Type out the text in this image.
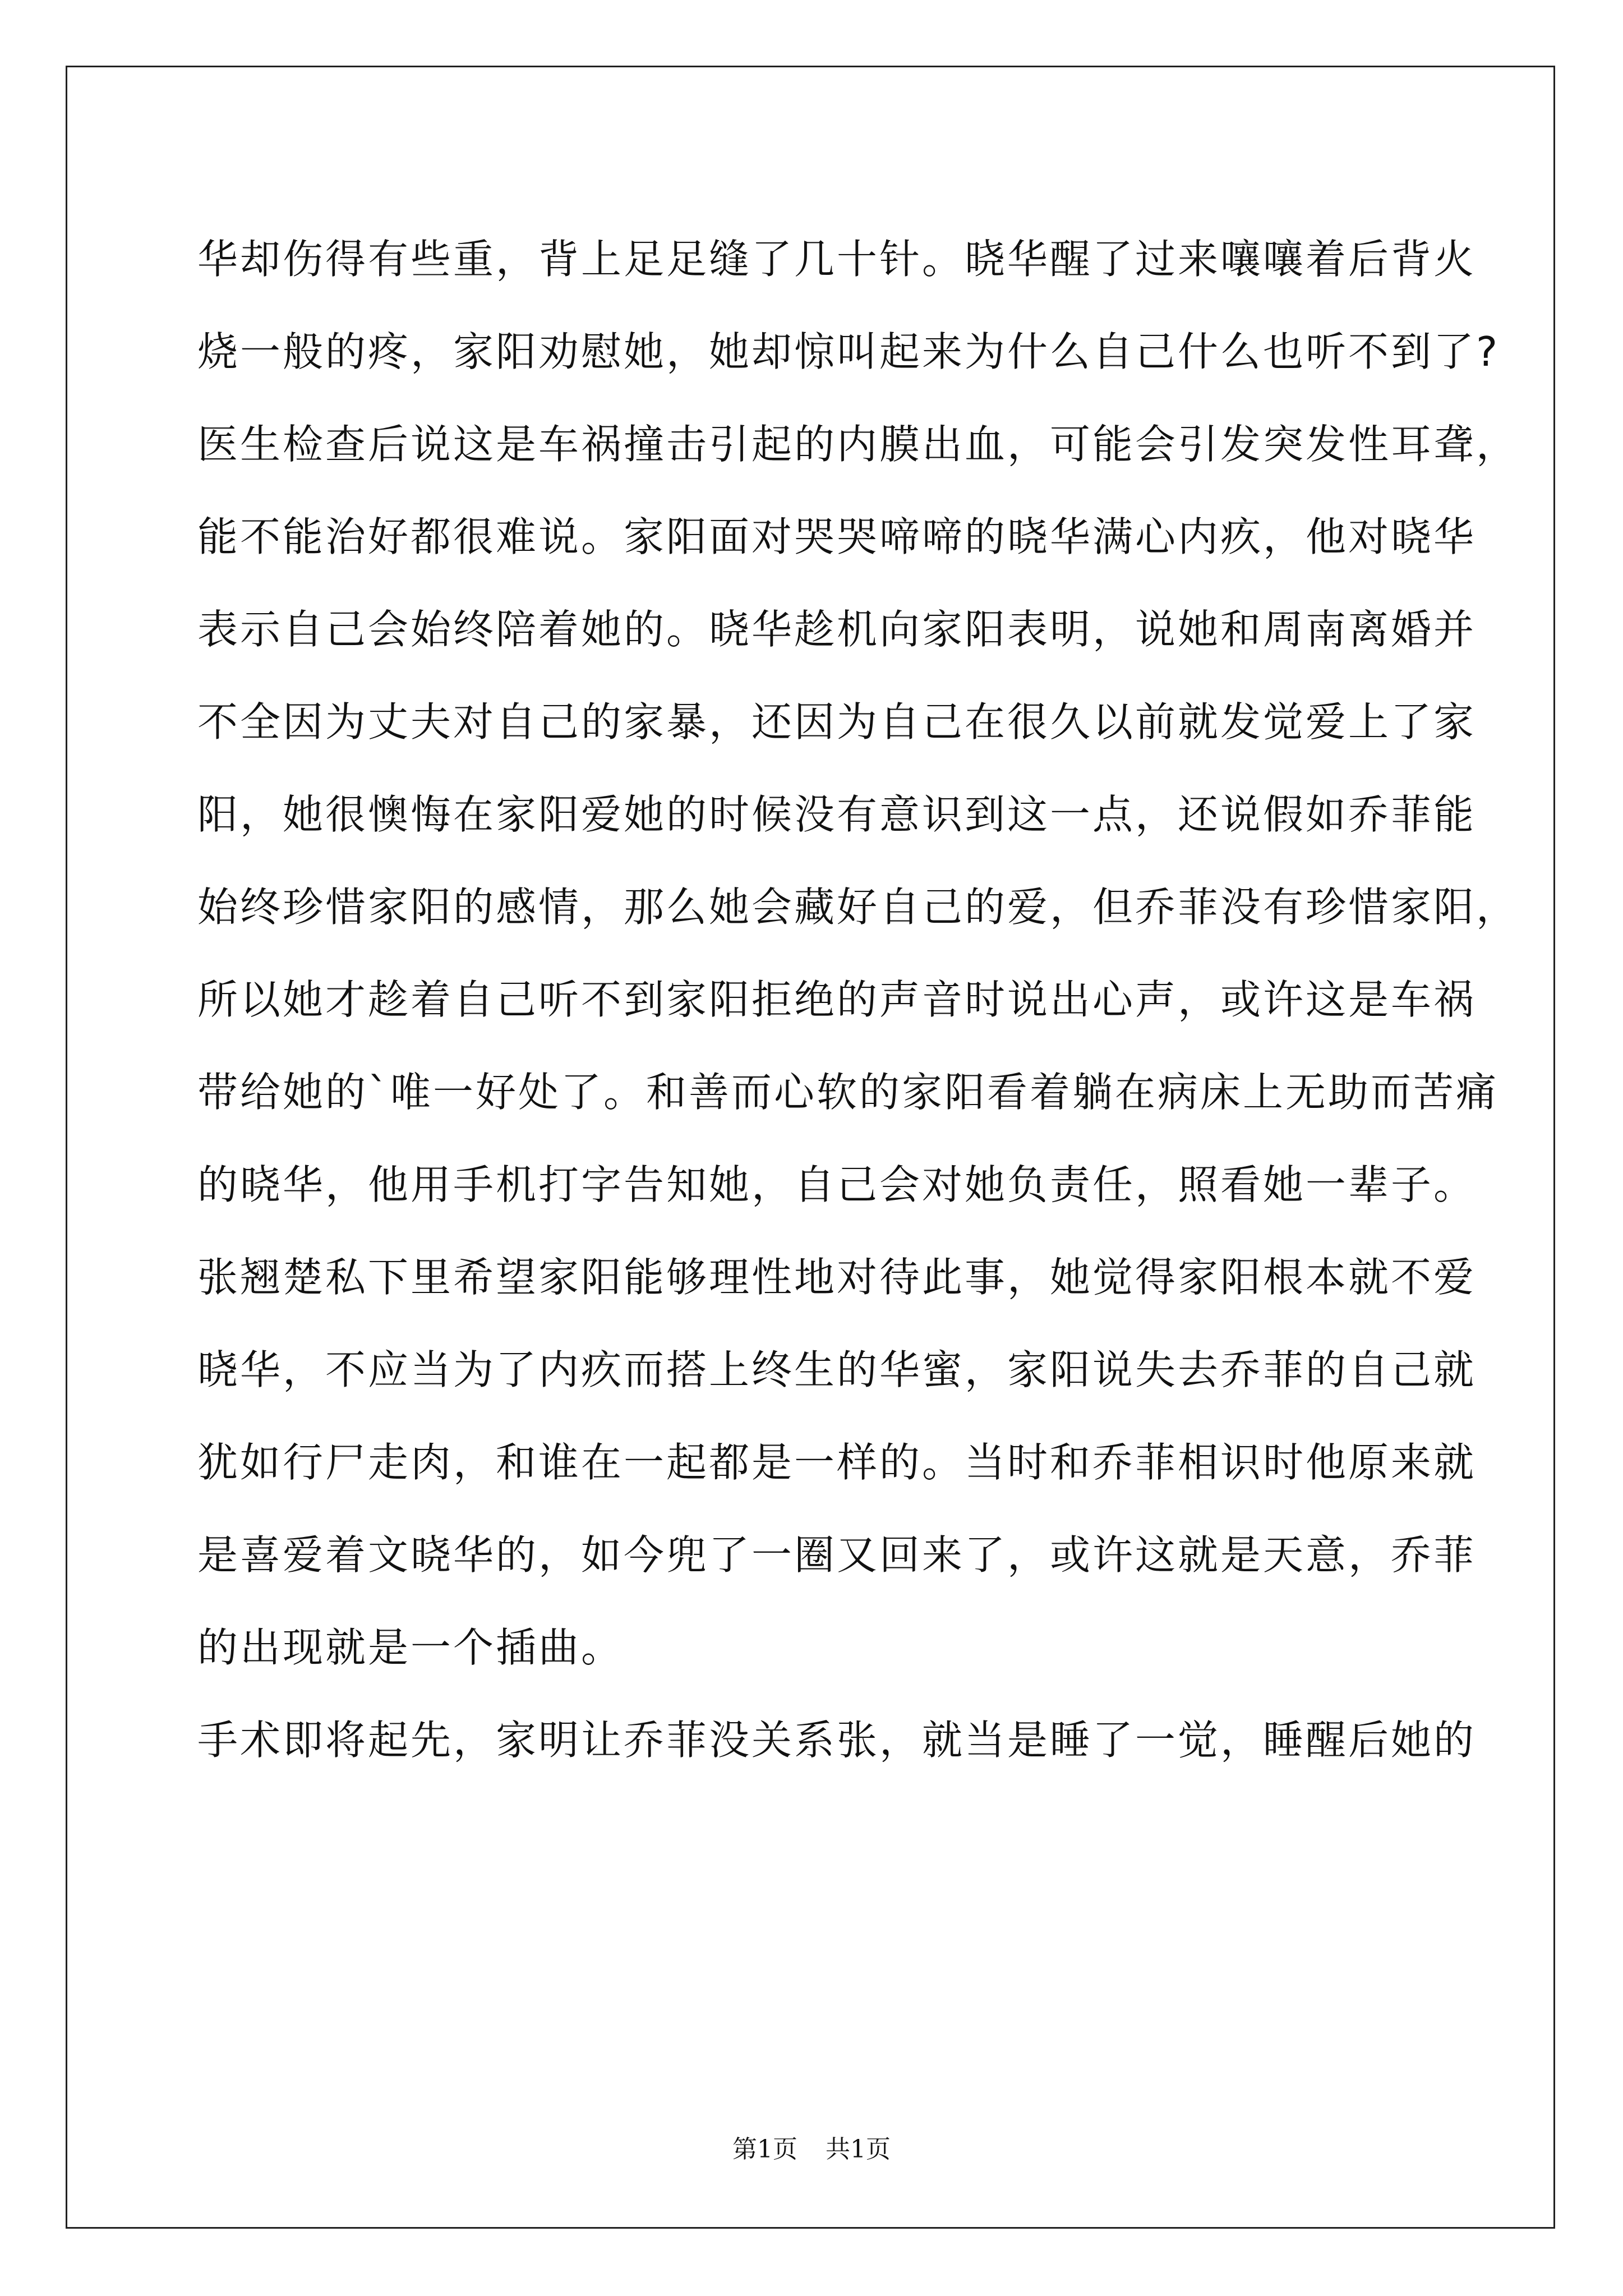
华却伤得有些重，背上足足缝了几十针。晓华醒了过来嚷嚷着后背火
烧一般的疼，家阳劝慰她，她却惊叫起来为什么自己什么也听不到了?
医生检查后说这是车祸撞击引起的内膜出血，可能会引发突发性耳聋，
能不能治好都很难说。家阳面对哭哭啼啼的晓华满心内疚，他对晓华
表示自己会始终陪着她的。晓华趁机向家阳表明，说她和周南离婚并
不全因为丈夫对自己的家暴，还因为自己在很久以前就发觉爱上了家
阳，她很懊悔在家阳爱她的时候没有意识到这一点，还说假如乔菲能
始终珍惜家阳的感情，那么她会藏好自己的爱，但乔菲没有珍惜家阳，
所以她才趁着自己听不到家阳拒绝的声音时说出心声，或许这是车祸
带给她的`唯一好处了。和善而心软的家阳看着躺在病床上无助而苦痛
的晓华，他用手机打字告知她，自己会对她负责任，照看她一辈子。
张翘楚私下里希望家阳能够理性地对待此事，她觉得家阳根本就不爱
晓华，不应当为了内疚而搭上终生的华蜜，家阳说失去乔菲的自己就
犹如行尸走肉，和谁在一起都是一样的。当时和乔菲相识时他原来就
是喜爱着文晓华的，如今兜了一圈又回来了，或许这就是天意，乔菲
的出现就是一个插曲。
手术即将起先，家明让乔菲没关系张，就当是睡了一觉，睡醒后她的
第1页 共1页
